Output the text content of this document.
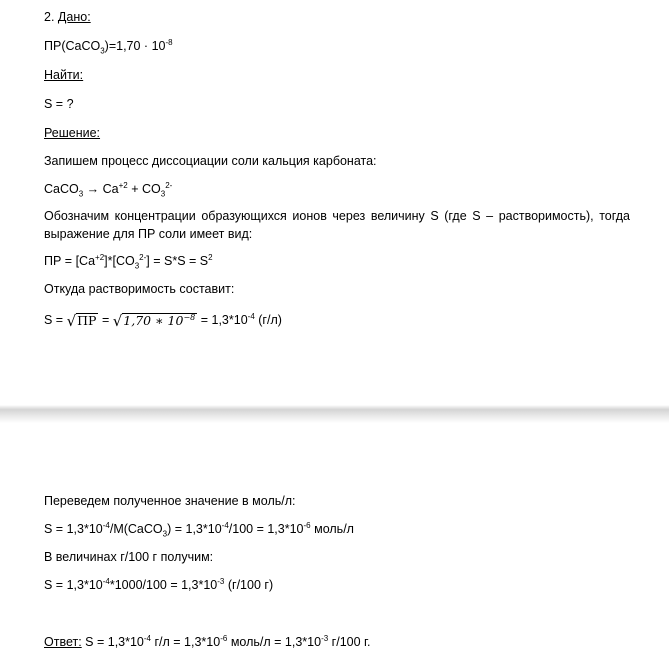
2. Дано:
ПР(CaCO$_3$)=1,70 · $10^{-8}$
Найти:
S = ?
Решение:
Запишем процесс диссоциации соли кальция карбоната:
CaCO$_3$ → $Ca^{+2} + CO_3^{2-}$
Обозначим концентрации образующихся ионов через величину S (где S – растворимость), тогда выражение для ПР соли имеет вид:
ПР = $[Ca^{+2}]*[CO_3^{2-}] = S*S = S^2$
Откуда растворимость составит:
S = √ ПР = √ 1,70 ∗ $10^{-8} = 1,3*10^{-4}$ (г/л)
Переведем полученное значение в моль/л:
$S = 1,3*10^{-4}/M(CaCO_3) = 1,3*10^{-4}/100 = 1,3*10^{-6}$ моль/л
В величинах г/100 г получим:
$S = 1,3*10^{-4}*1000/100 = 1,3*10^{-3}$ (г/100 г)
Ответ: $S = 1,3*10^{-4}$ $г/л = 1,3*10^{-6}$ моль/л = $1,3*10^{-3}$ г/100 г.
